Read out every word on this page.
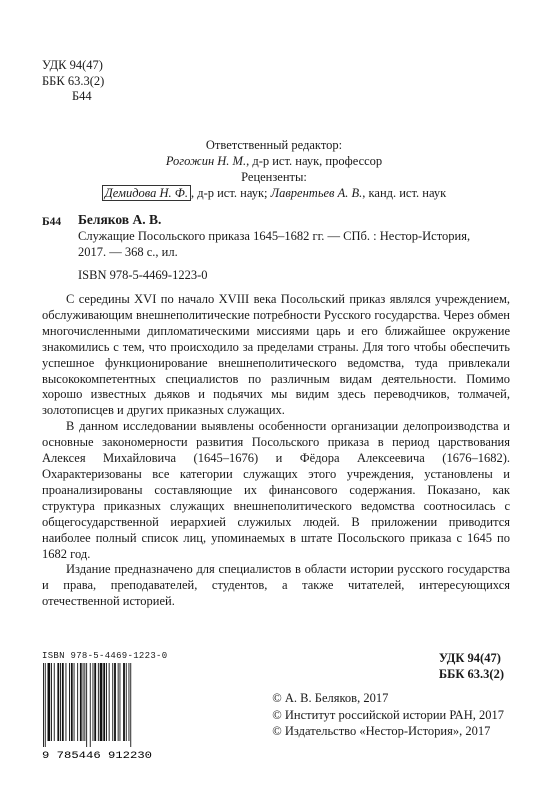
УДК 94(47)
ББК 63.3(2)
Б44
Ответственный редактор:
Рогожин Н. М., д-р ист. наук, профессор
Рецензенты:
Демидова Н. Ф. , д-р ист. наук; Лаврентьев А. В., канд. ист. наук
Б44 Беляков А. В.
Служащие Посольского приказа 1645–1682 гг. — СПб. : Нестор-История,
2017. — 368 с., ил.
ISBN 978-5-4469-1223-0

С середины XVI по начало XVIII века Посольский приказ являлся учреждением, обслуживающим внешнеполитические потребности Русского государства. Через обмен многочисленными дипломатическими миссиями царь и его ближайшее окружение знакомились с тем, что происходило за пределами страны. Для того чтобы обеспечить успешное функционирование внешнеполитического ведомства, туда привлекали высококомпетентных специалистов по различным видам деятельности. Помимо хорошо известных дьяков и подьячих мы видим здесь переводчиков, толмачей, золотописцев и других приказных служащих.

В данном исследовании выявлены особенности организации делопроизводства и основные закономерности развития Посольского приказа в период царствования Алексея Михайловича (1645–1676) и Фёдора Алексеевича (1676–1682). Охарактеризованы все категории служащих этого учреждения, установлены и проанализированы составляющие их финансового содержания. Показано, как структура приказных служащих внешнеполитического ведомства соотносилась с общегосударственной иерархией служилых людей. В приложении приводится наиболее полный список лиц, упоминаемых в штате Посольского приказа с 1645 по 1682 год.

Издание предназначено для специалистов в области истории русского государства и права, преподавателей, студентов, а также читателей, интересующихся отечественной историей.

ISBN 978-5-4469-1223-0
9 785446 912230
УДК 94(47)
ББК 63.3(2)
© А. В. Беляков, 2017
© Институт российской истории РАН, 2017
© Издательство «Нестор-История», 2017
